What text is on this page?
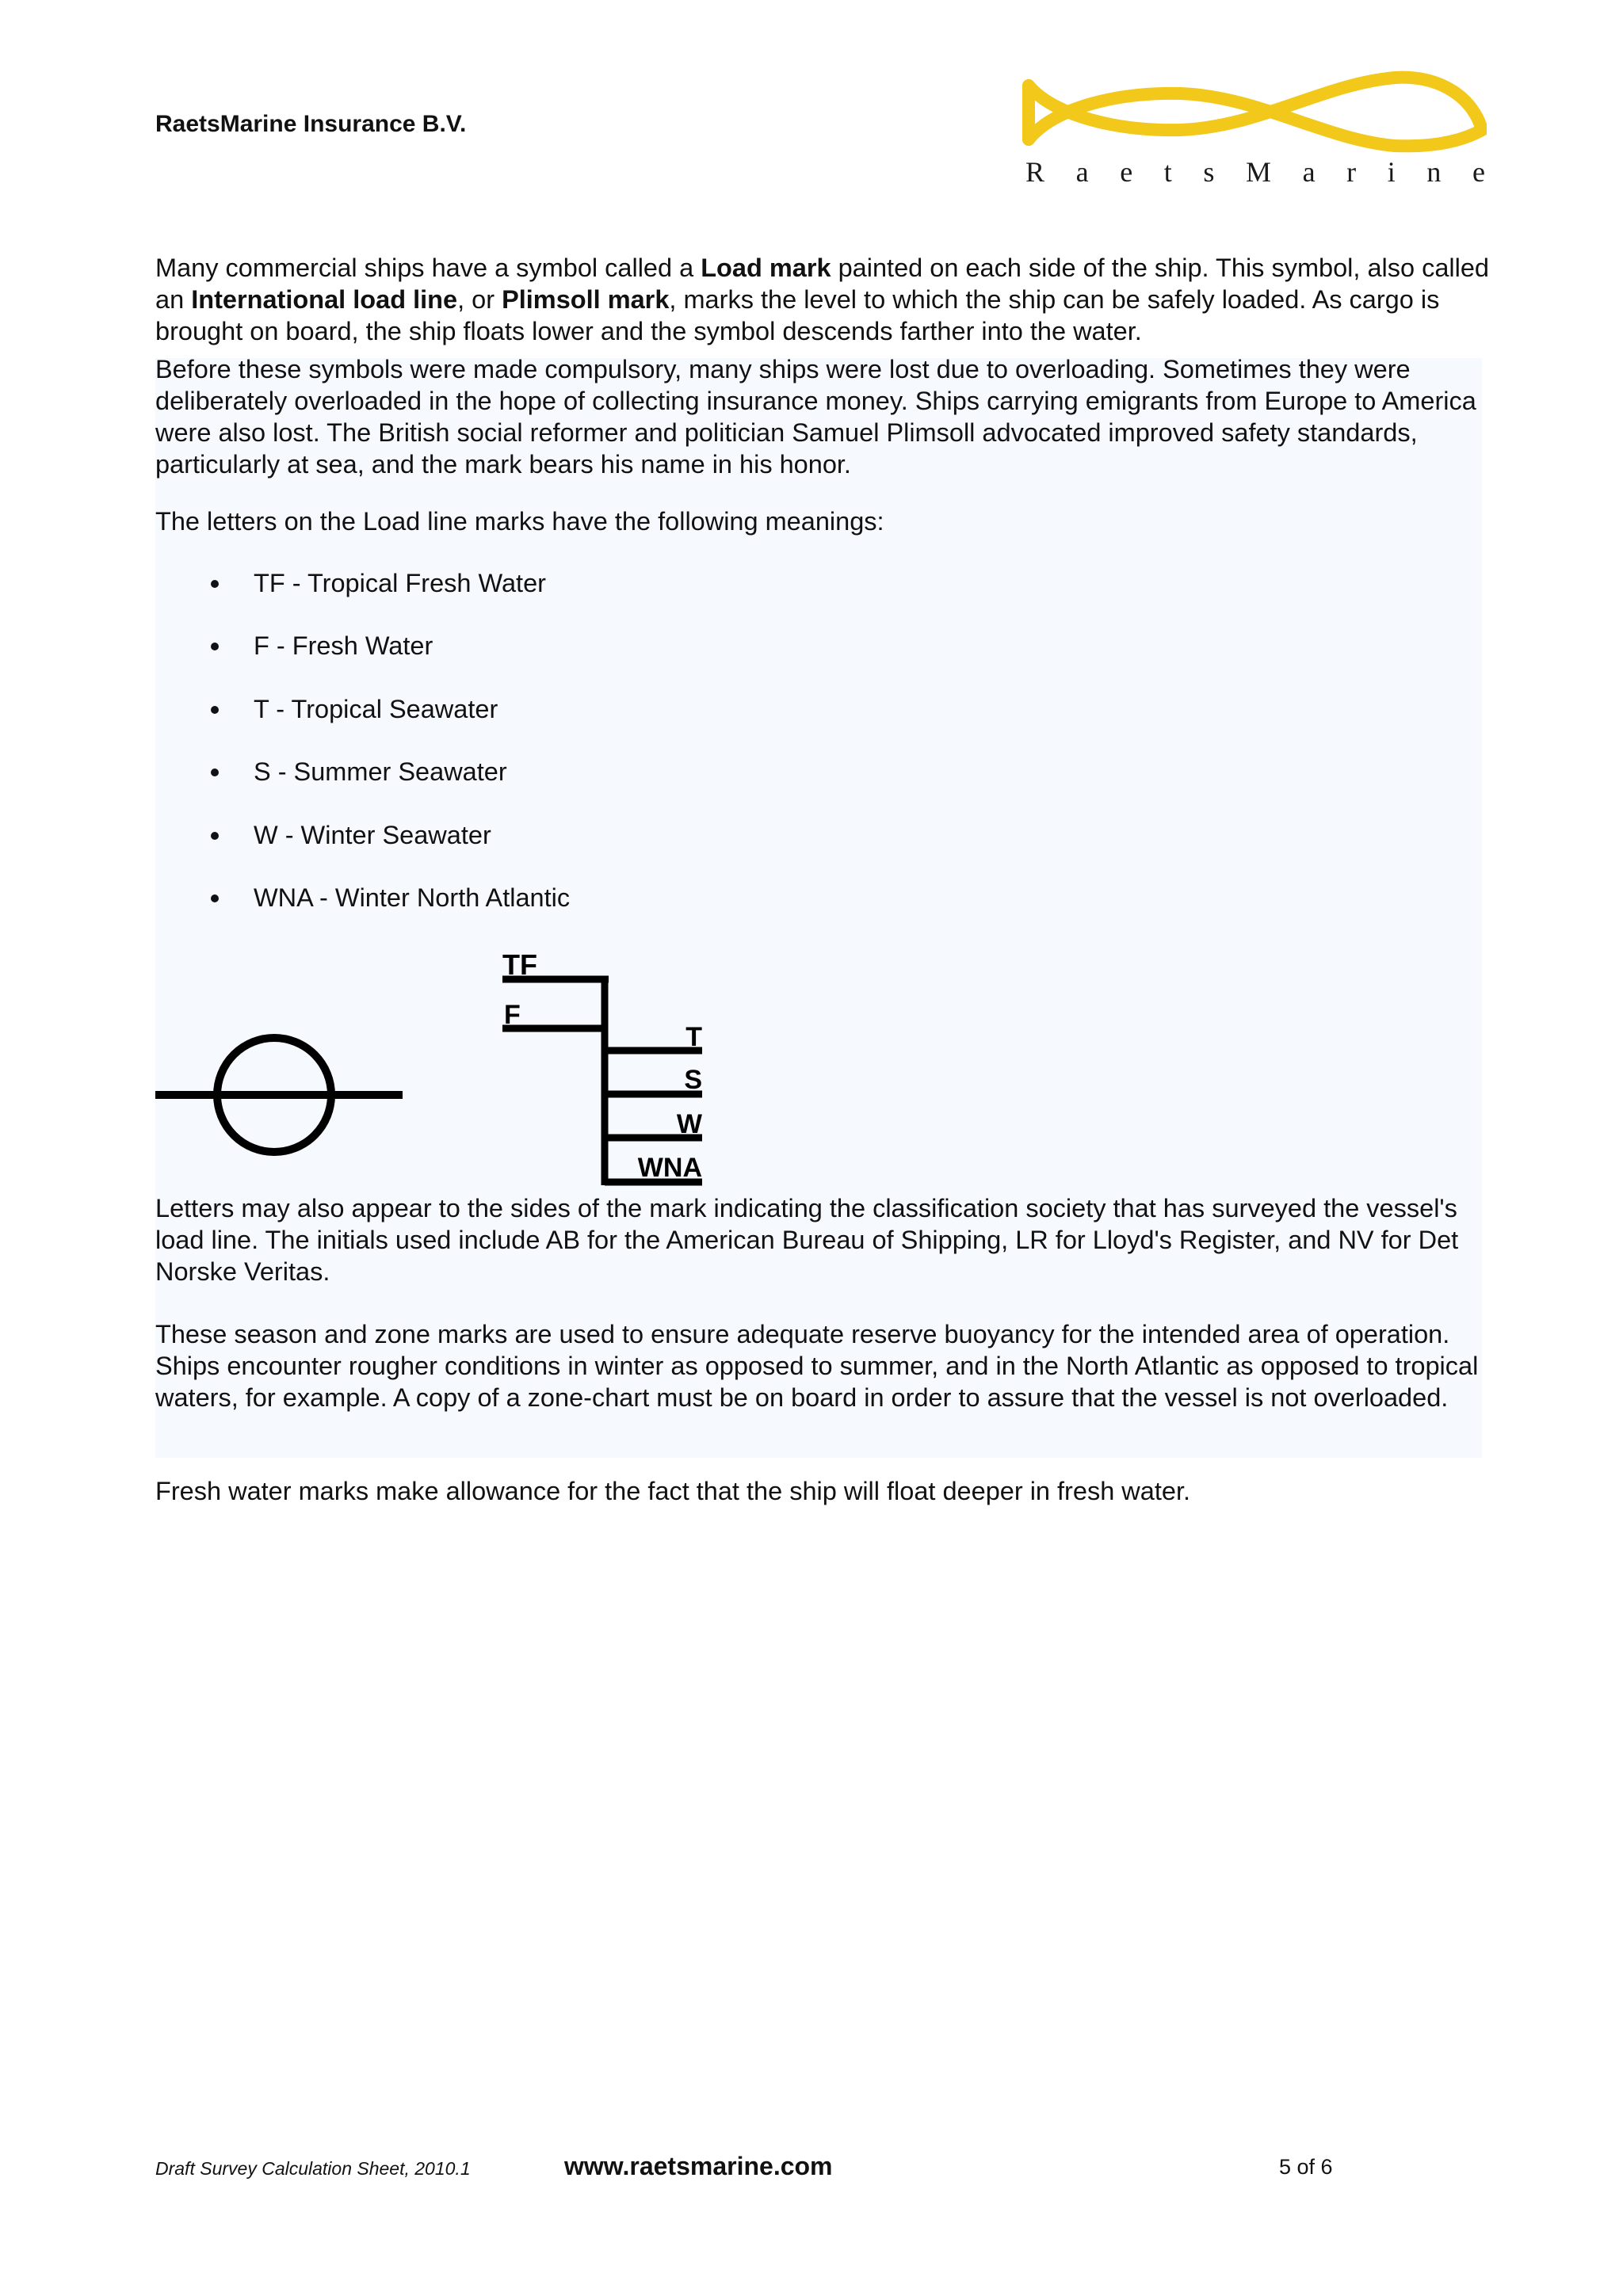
RaetsMarine Insurance B.V.
R a e t s M a r i n e

Many commercial ships have a symbol called a Load mark painted on each side of the ship. This symbol, also called an International load line, or Plimsoll mark, marks the level to which the ship can be safely loaded. As cargo is brought on board, the ship floats lower and the symbol descends farther into the water.

Before these symbols were made compulsory, many ships were lost due to overloading. Sometimes they were deliberately overloaded in the hope of collecting insurance money. Ships carrying emigrants from Europe to America were also lost. The British social reformer and politician Samuel Plimsoll advocated improved safety standards, particularly at sea, and the mark bears his name in his honor.

The letters on the Load line marks have the following meanings:

TF - Tropical Fresh Water
F - Fresh Water
T - Tropical Seawater
S - Summer Seawater
W - Winter Seawater
WNA - Winter North Atlantic
TF
F
T
S
W
WNA

Letters may also appear to the sides of the mark indicating the classification society that has surveyed the vessel's load line. The initials used include AB for the American Bureau of Shipping, LR for Lloyd's Register, and NV for Det Norske Veritas.

These season and zone marks are used to ensure adequate reserve buoyancy for the intended area of operation. Ships encounter rougher conditions in winter as opposed to summer, and in the North Atlantic as opposed to tropical waters, for example. A copy of a zone-chart must be on board in order to assure that the vessel is not overloaded.

Fresh water marks make allowance for the fact that the ship will float deeper in fresh water.

Draft Survey Calculation Sheet, 2010.1	www.raetsmarine.com	5 of 6
